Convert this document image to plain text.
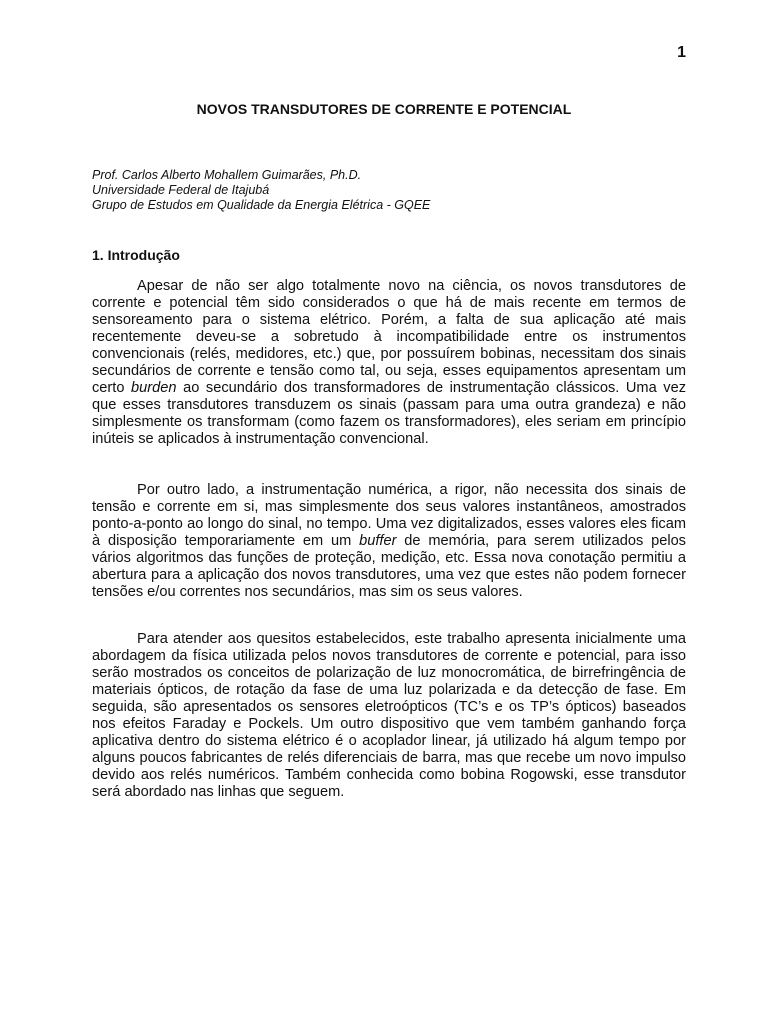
1
NOVOS TRANSDUTORES DE CORRENTE E POTENCIAL
Prof. Carlos Alberto Mohallem Guimarães, Ph.D.
Universidade Federal de Itajubá
Grupo de Estudos em Qualidade da Energia Elétrica - GQEE
1. Introdução

Apesar de não ser algo totalmente novo na ciência, os novos transdutores de corrente e potencial têm sido considerados o que há de mais recente em termos de sensoreamento para o sistema elétrico. Porém, a falta de sua aplicação até mais recentemente deveu-se a sobretudo à incompatibilidade entre os instrumentos convencionais (relés, medidores, etc.) que, por possuírem bobinas, necessitam dos sinais secundários de corrente e tensão como tal, ou seja, esses equipamentos apresentam um certo burden ao secundário dos transformadores de instrumentação clássicos. Uma vez que esses transdutores transduzem os sinais (passam para uma outra grandeza) e não simplesmente os transformam (como fazem os transformadores), eles seriam em princípio inúteis se aplicados à instrumentação convencional.

Por outro lado, a instrumentação numérica, a rigor, não necessita dos sinais de tensão e corrente em si, mas simplesmente dos seus valores instantâneos, amostrados ponto-a-ponto ao longo do sinal, no tempo. Uma vez digitalizados, esses valores eles ficam à disposição temporariamente em um buffer de memória, para serem utilizados pelos vários algoritmos das funções de proteção, medição, etc. Essa nova conotação permitiu a abertura para a aplicação dos novos transdutores, uma vez que estes não podem fornecer tensões e/ou correntes nos secundários, mas sim os seus valores.

Para atender aos quesitos estabelecidos, este trabalho apresenta inicialmente uma abordagem da física utilizada pelos novos transdutores de corrente e potencial, para isso serão mostrados os conceitos de polarização de luz monocromática, de birrefringência de materiais ópticos, de rotação da fase de uma luz polarizada e da detecção de fase. Em seguida, são apresentados os sensores eletroópticos (TC’s e os TP’s ópticos) baseados nos efeitos Faraday e Pockels. Um outro dispositivo que vem também ganhando força aplicativa dentro do sistema elétrico é o acoplador linear, já utilizado há algum tempo por alguns poucos fabricantes de relés diferenciais de barra, mas que recebe um novo impulso devido aos relés numéricos. Também conhecida como bobina Rogowski, esse transdutor será abordado nas linhas que seguem.
